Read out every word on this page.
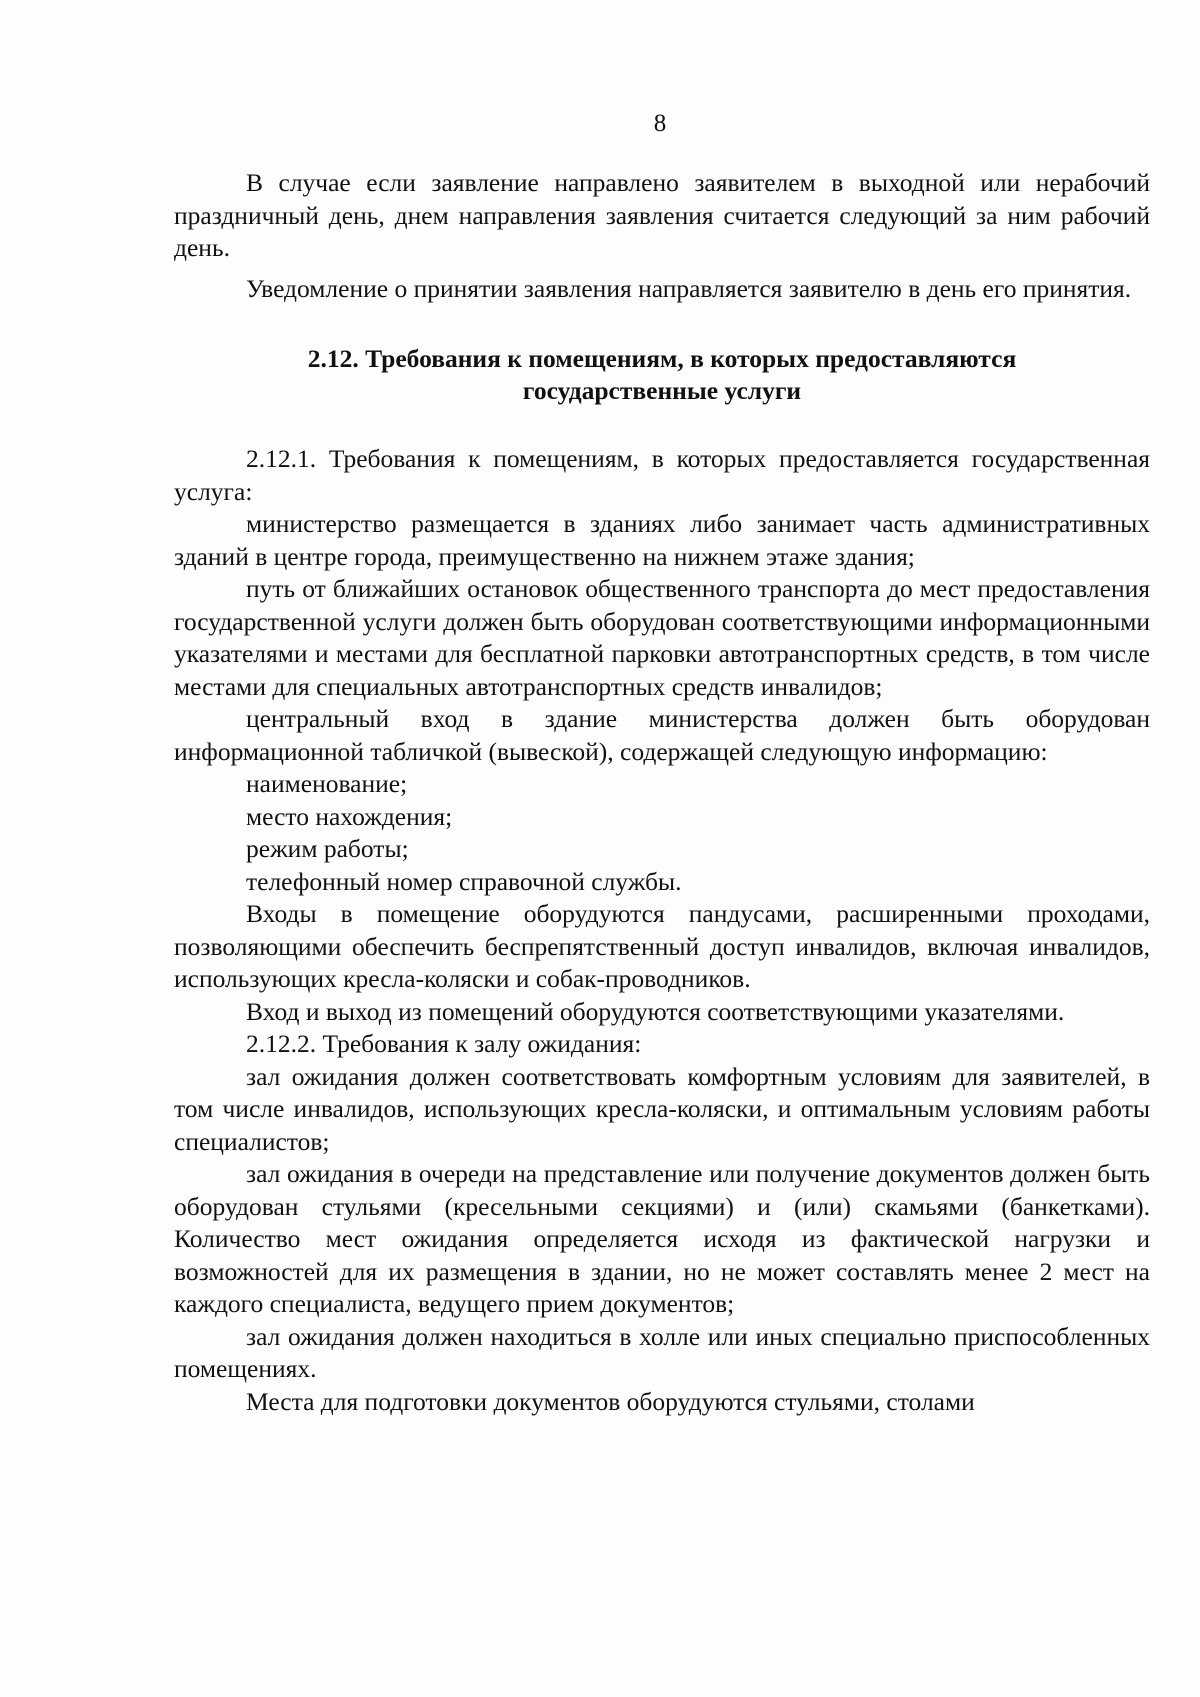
8

В случае если заявление направлено заявителем в выходной или нерабочий праздничный день, днем направления заявления считается следующий за ним рабочий день.

Уведомление о принятии заявления направляется заявителю в день его принятия.

2.12. Требования к помещениям, в которых предоставляются
государственные услуги

2.12.1. Требования к помещениям, в которых предоставляется государственная услуга:

министерство размещается в зданиях либо занимает часть административных зданий в центре города, преимущественно на нижнем этаже здания;

путь от ближайших остановок общественного транспорта до мест предоставления государственной услуги должен быть оборудован соответствующими информационными указателями и местами для бесплатной парковки автотранспортных средств, в том числе местами для специальных автотранспортных средств инвалидов;

центральный вход в здание министерства должен быть оборудован информационной табличкой (вывеской), содержащей следующую информацию:

наименование;

место нахождения;

режим работы;

телефонный номер справочной службы.

Входы в помещение оборудуются пандусами, расширенными проходами, позволяющими обеспечить беспрепятственный доступ инвалидов, включая инвалидов, использующих кресла-коляски и собак-проводников.

Вход и выход из помещений оборудуются соответствующими указателями.

2.12.2. Требования к залу ожидания:

зал ожидания должен соответствовать комфортным условиям для заявителей, в том числе инвалидов, использующих кресла-коляски, и оптимальным условиям работы специалистов;

зал ожидания в очереди на представление или получение документов должен быть оборудован стульями (кресельными секциями) и (или) скамьями (банкетками). Количество мест ожидания определяется исходя из фактической нагрузки и возможностей для их размещения в здании, но не может составлять менее 2 мест на каждого специалиста, ведущего прием документов;

зал ожидания должен находиться в холле или иных специально приспособленных помещениях.

Места для подготовки документов оборудуются стульями, столами
